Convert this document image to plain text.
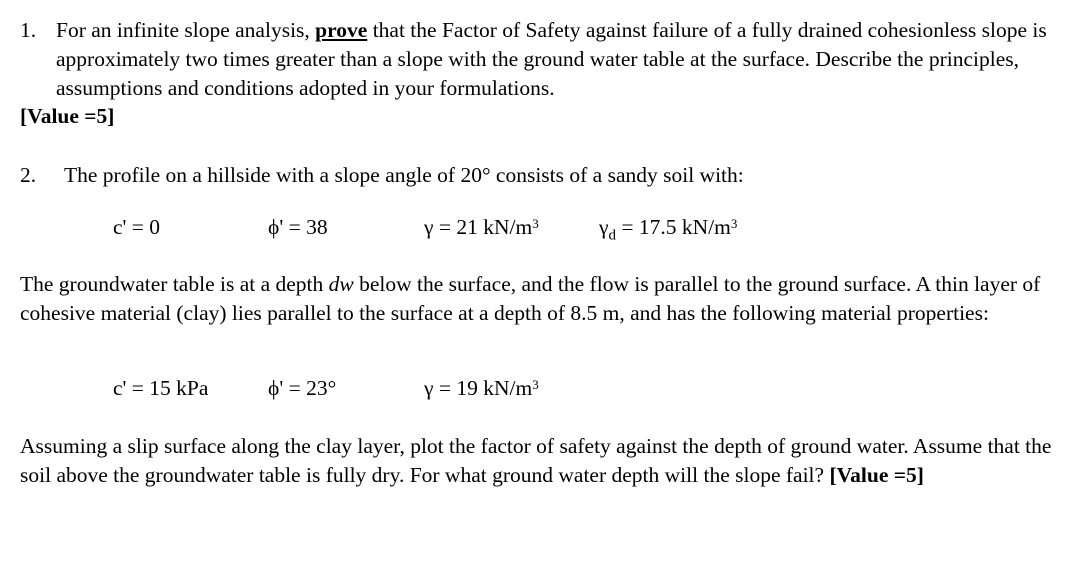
1. For an infinite slope analysis, prove that the Factor of Safety against failure of a fully drained cohesionless slope is approximately two times greater than a slope with the ground water table at the surface. Describe the principles, assumptions and conditions adopted in your formulations.
[Value =5]
2. The profile on a hillside with a slope angle of 20° consists of a sandy soil with:
c' = 0	ϕ' = 38	γ = 21 $kN/m^3$	$\gamma_d = 17.5$ $kN/m^3$
The groundwater table is at a depth dw below the surface, and the flow is parallel to the ground surface. A thin layer of cohesive material (clay) lies parallel to the surface at a depth of 8.5 m, and has the following material properties:
c' = 15 kPa	ϕ' = 23°	γ = 19 $kN/m^3$
Assuming a slip surface along the clay layer, plot the factor of safety against the depth of ground water. Assume that the soil above the groundwater table is fully dry. For what ground water depth will the slope fail? [Value =5]
